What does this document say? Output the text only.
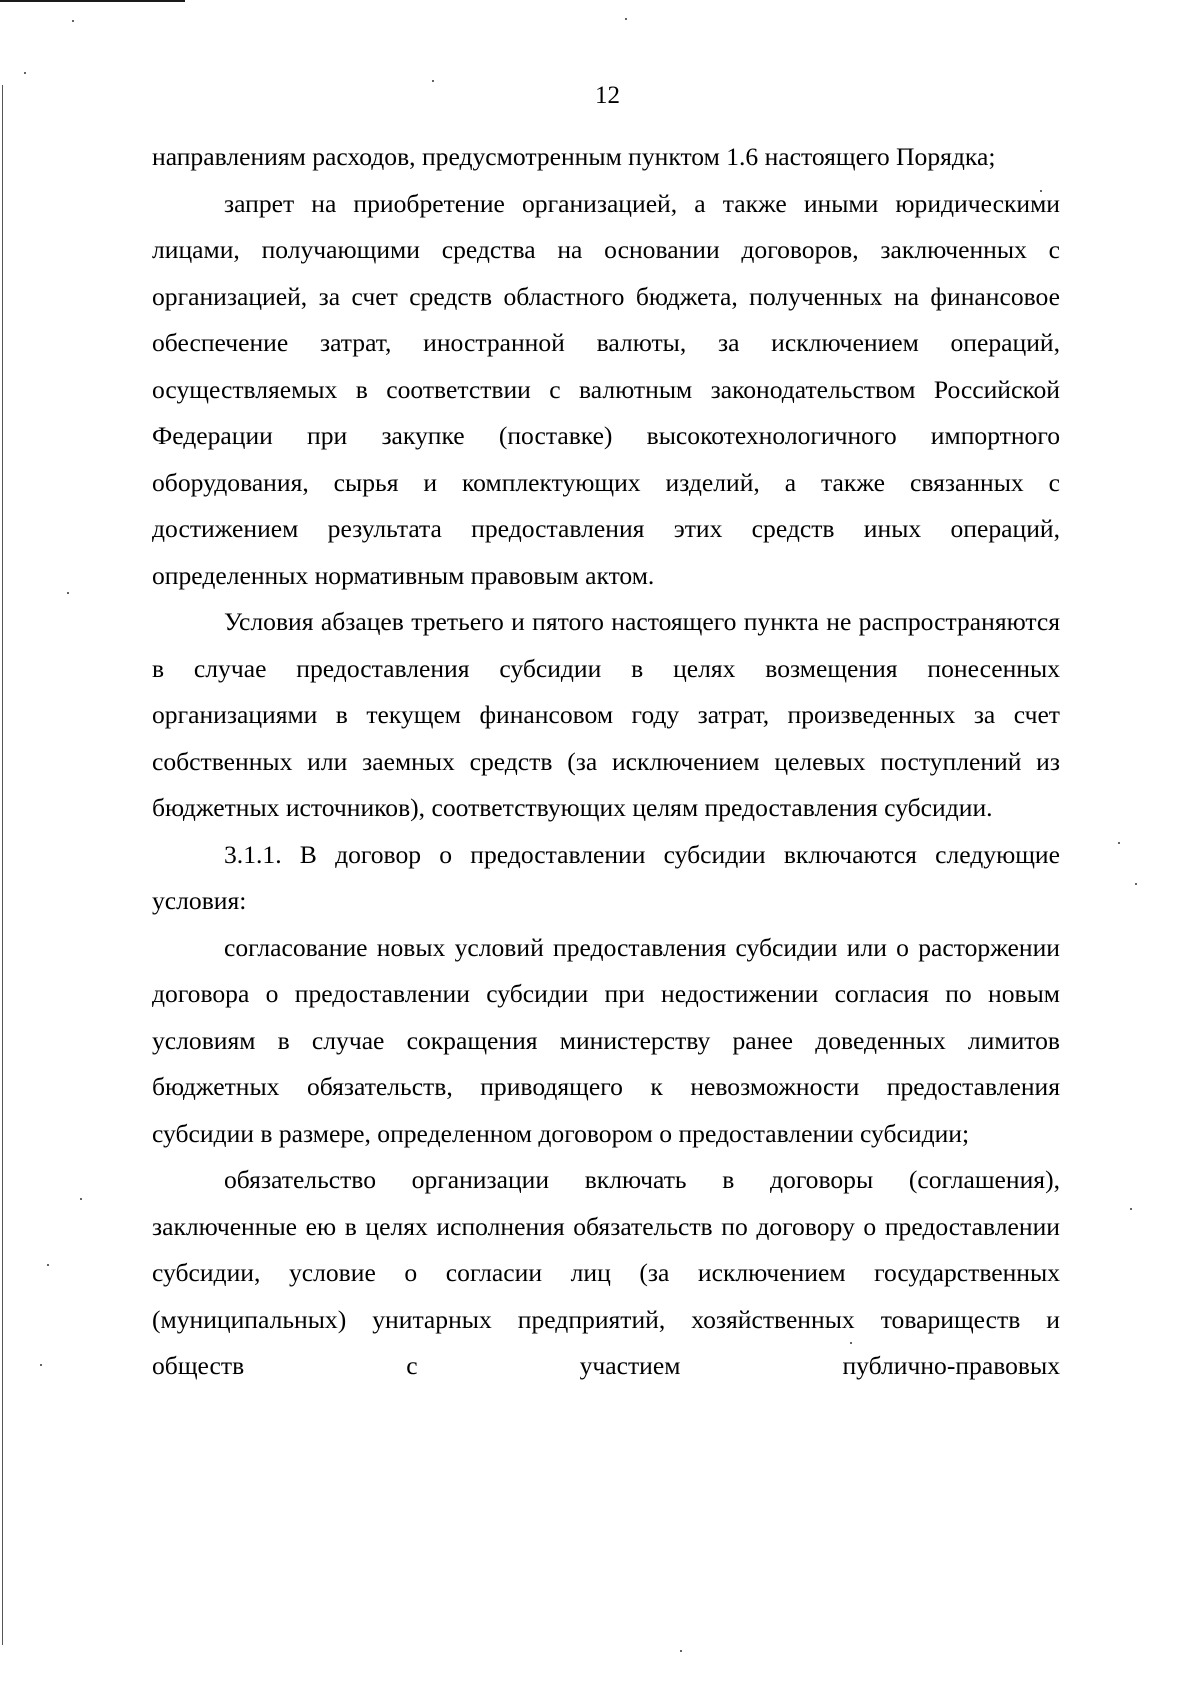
12

направлениям расходов, предусмотренным пунктом 1.6 настоящего Порядка;

запрет на приобретение организацией, а также иными юридическими лицами, получающими средства на основании договоров, заключенных с организацией, за счет средств областного бюджета, полученных на финансовое обеспечение затрат, иностранной валюты, за исключением операций, осуществляемых в соответствии с валютным законодательством Российской Федерации при закупке (поставке) высокотехнологичного импортного оборудования, сырья и комплектующих изделий, а также связанных с достижением результата предоставления этих средств иных операций, определенных нормативным правовым актом.

Условия абзацев третьего и пятого настоящего пункта не распространяются в случае предоставления субсидии в целях возмещения понесенных организациями в текущем финансовом году затрат, произведенных за счет собственных или заемных средств (за исключением целевых поступлений из бюджетных источников), соответствующих целям предоставления субсидии.

3.1.1. В договор о предоставлении субсидии включаются следующие условия:

согласование новых условий предоставления субсидии или о расторжении договора о предоставлении субсидии при недостижении согласия по новым условиям в случае сокращения министерству ранее доведенных лимитов бюджетных обязательств, приводящего к невозможности предоставления субсидии в размере, определенном договором о предоставлении субсидии;

обязательство организации включать в договоры (соглашения), заключенные ею в целях исполнения обязательств по договору о предоставлении субсидии, условие о согласии лиц (за исключением государственных (муниципальных) унитарных предприятий, хозяйственных товариществ и обществ с участием публично-правовых
